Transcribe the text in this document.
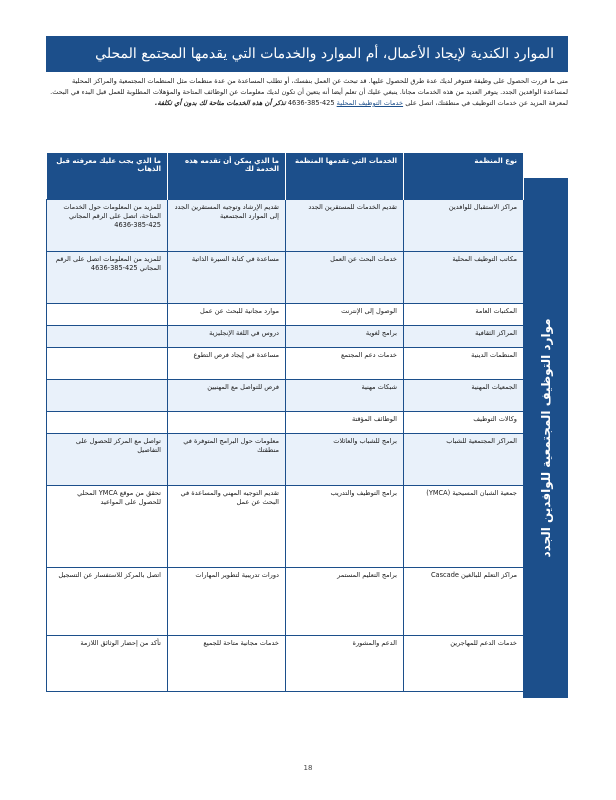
الموارد الكندية لإيجاد الأعمال، أم الموارد والخدمات التي يقدمها المجتمع المحلي

متى ما قررت الحصول على وظيفة فتتوفر لديك عدة طرق للحصول عليها. قد تبحث عن العمل بنفسك، أو تطلب المساعدة من عدة منظمات مثل المنظمات المجتمعية والمراكز المحلية لمساعدة الوافدين الجدد. يتوفر العديد من هذه الخدمات مجانا. ينبغي عليك أن تعلم أيضا أنه يتعين أن تكون لديك معلومات عن الوظائف المتاحة والمؤهلات المطلوبة للعمل قبل البدء في البحث. لمعرفة المزيد عن خدمات التوظيف في منطقتك، اتصل على خدمات التوظيف المحلية 425-385-4636 تذكر أن هذه الخدمات متاحة لك بدون أي تكلفة.

موارد التوظيف المجتمعية للوافدين الجدد
نوع المنظمة	الخدمات التي تقدمها المنظمة	ما الذي يمكن أن تقدمه هذه الخدمة لك	ما الذي يجب عليك معرفته قبل الذهاب
مراكز الاستقبال للوافدين	تقديم الخدمات للمستقرين الجدد	تقديم الإرشاد وتوجيه المستقرين الجدد إلى الموارد المجتمعية	للمزيد من المعلومات حول الخدمات المتاحة، اتصل على الرقم المجاني 425-385-4636
مكاتب التوظيف المحلية	خدمات البحث عن العمل	مساعدة في كتابة السيرة الذاتية	للمزيد من المعلومات اتصل على الرقم المجاني 425-385-4636
المكتبات العامة	الوصول إلى الإنترنت	موارد مجانية للبحث عن عمل	
المراكز الثقافية	برامج لغوية	دروس في اللغة الإنجليزية	
المنظمات الدينية	خدمات دعم المجتمع	مساعدة في إيجاد فرص التطوع	
الجمعيات المهنية	شبكات مهنية	فرص للتواصل مع المهنيين	
وكالات التوظيف	الوظائف المؤقتة		
المراكز المجتمعية للشباب	برامج للشباب والعائلات	معلومات حول البرامج المتوفرة في منطقتك	تواصل مع المركز للحصول على التفاصيل
جمعية الشبان المسيحية (YMCA)	برامج التوظيف والتدريب	تقديم التوجيه المهني والمساعدة في البحث عن عمل	تحقق من موقع YMCA المحلي للحصول على المواعيد
مراكز التعلم للبالغين Cascade	برامج التعليم المستمر	دورات تدريبية لتطوير المهارات	اتصل بالمركز للاستفسار عن التسجيل
خدمات الدعم للمهاجرين	الدعم والمشورة	خدمات مجانية متاحة للجميع	تأكد من إحضار الوثائق اللازمة
18
